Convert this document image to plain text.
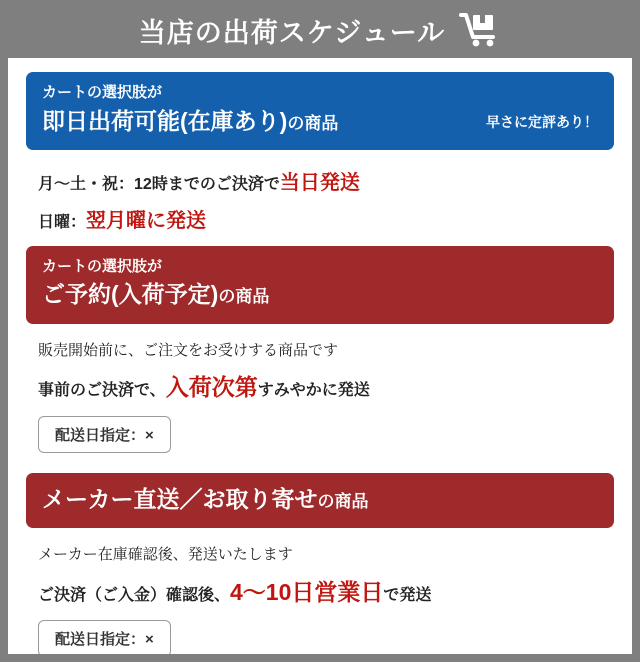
当店の出荷スケジュール
カートの選択肢が
即日出荷可能(在庫あり)の商品	早さに定評あり！
月～土・祝：12時までのご決済で当日発送
日曜：翌月曜に発送
カートの選択肢が
ご予約(入荷予定)の商品
販売開始前に、ご注文をお受けする商品です
事前のご決済で、入荷次第すみやかに発送
配送日指定：×
メーカー直送／お取り寄せの商品
メーカー在庫確認後、発送いたします
ご決済（ご入金）確認後、4～10日営業日で発送
配送日指定：×
